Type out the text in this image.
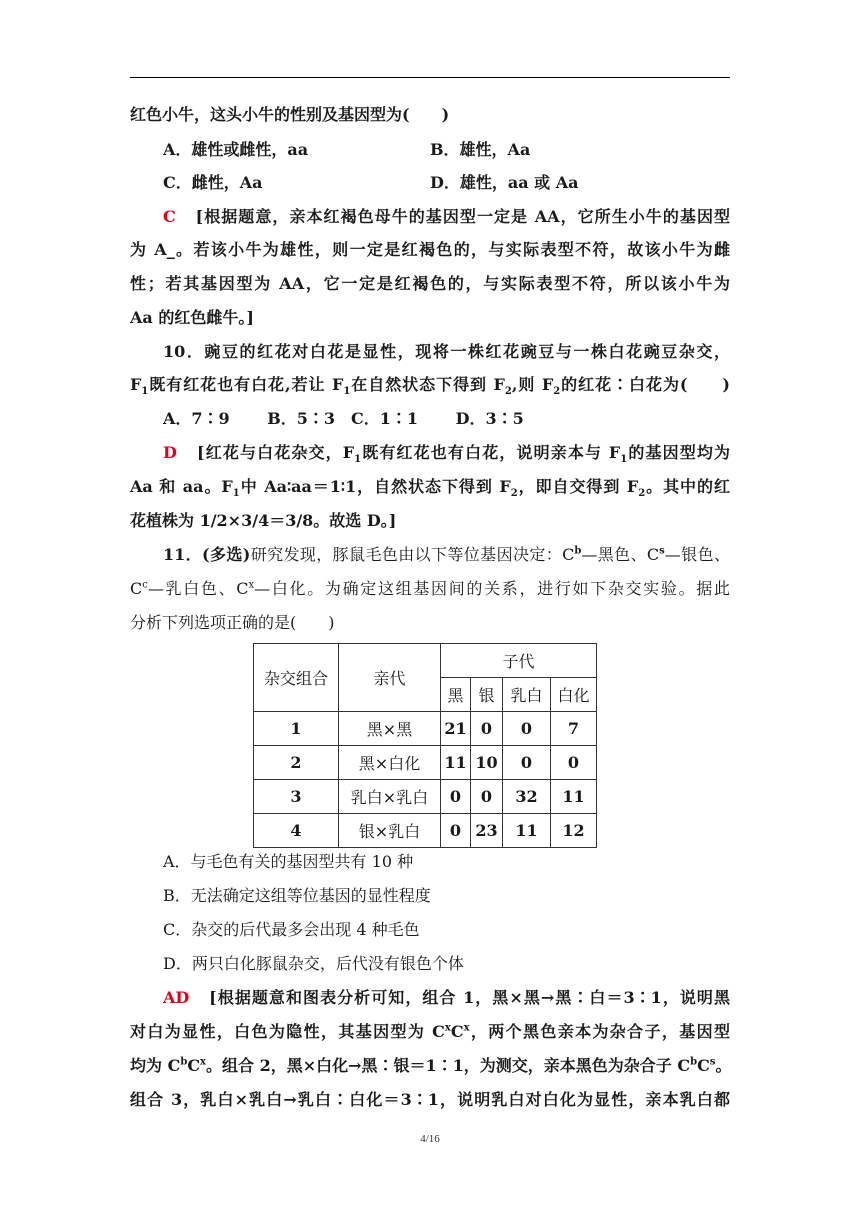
红色小牛，这头小牛的性别及基因型为(　　)
A．雄性或雌性，aa	B．雄性，Aa
C．雌性，Aa	D．雄性，aa 或 Aa
C [根据题意，亲本红褐色母牛的基因型一定是 AA，它所生小牛的基因型
为 A_。若该小牛为雄性，则一定是红褐色的，与实际表型不符，故该小牛为雌
性；若其基因型为 AA，它一定是红褐色的，与实际表型不符，所以该小牛为
Aa 的红色雌牛。]
10．豌豆的红花对白花是显性，现将一株红花豌豆与一株白花豌豆杂交，
$F_1$既有红花也有白花,若让 $F_1$在自然状态下得到 $F_2$,则 $F_2$的红花∶白花为(　　)
A．7∶9　　 B．5∶3　C．1∶1　　 D．3∶5
D [红花与白花杂交，$F_1$既有红花也有白花，说明亲本与 $F_1$的基因型均为
Aa 和 aa。$F_1$中 Aa∶aa＝1∶1，自然状态下得到 $F_2$，即自交得到 $F_2$。其中的红
花植株为 1/2×3/4＝3/8。故选 D。]
11．(多选)研究发现，豚鼠毛色由以下等位基因决定：$C^b—$黑色、$C^s—$银色、
$C^c—$乳白色、$C^x—$白化。为确定这组基因间的关系，进行如下杂交实验。据此
分析下列选项正确的是(　　)
杂交组合	亲代	子代			
		黑	银	乳白	白化
1	黑×黑	21	0	0	7
2	黑×白化	11	10	0	0
3	乳白×乳白	0	0	32	11
4	银×乳白	0	23	11	12
A．与毛色有关的基因型共有 10 种
B．无法确定这组等位基因的显性程度
C．杂交的后代最多会出现 4 种毛色
D．两只白化豚鼠杂交，后代没有银色个体
AD [根据题意和图表分析可知，组合 1，黑×黑→黑∶白＝3∶1，说明黑
对白为显性，白色为隐性，其基因型为 $C^xC^x$，两个黑色亲本为杂合子，基因型
均为 $C^bC^x$。组合 2，黑×白化→黑∶银＝1∶1，为测交，亲本黑色为杂合子 $C^bC^s$。
组合 3，乳白×乳白→乳白∶白化＝3∶1，说明乳白对白化为显性，亲本乳白都
4/16
